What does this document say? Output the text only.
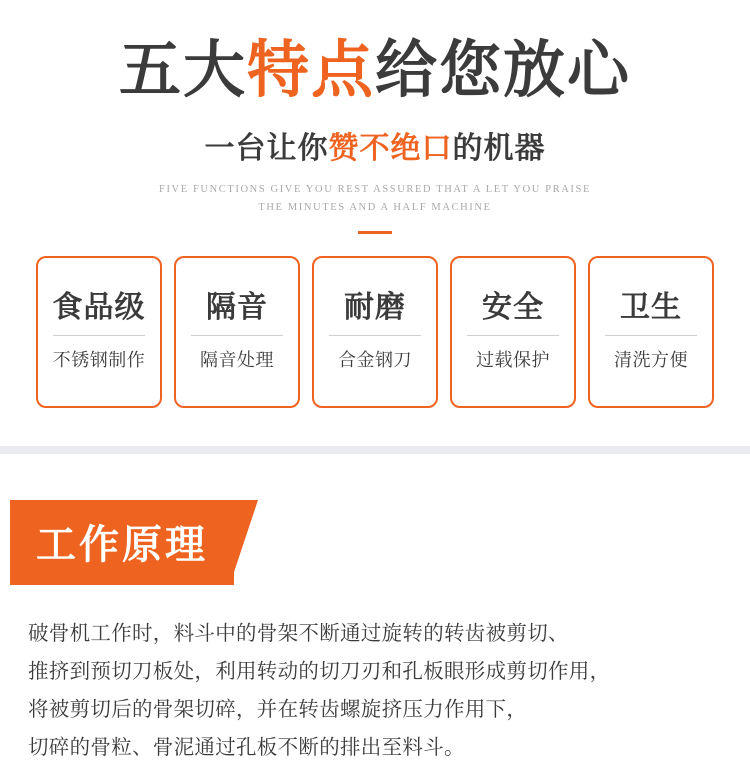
五大特点给您放心

一台让你赞不绝口的机器

FIVE FUNCTIONS GIVE YOU REST ASSURED THAT A LET YOU PRAISE
THE MINUTES AND A HALF MACHINE

食品级
不锈钢制作
隔音
隔音处理
耐磨
合金钢刀
安全
过载保护
卫生
清洗方便
工作原理
破骨机工作时，料斗中的骨架不断通过旋转的转齿被剪切、
推挤到预切刀板处，利用转动的切刀刃和孔板眼形成剪切作用，
将被剪切后的骨架切碎，并在转齿螺旋挤压力作用下，
切碎的骨粒、骨泥通过孔板不断的排出至料斗。
